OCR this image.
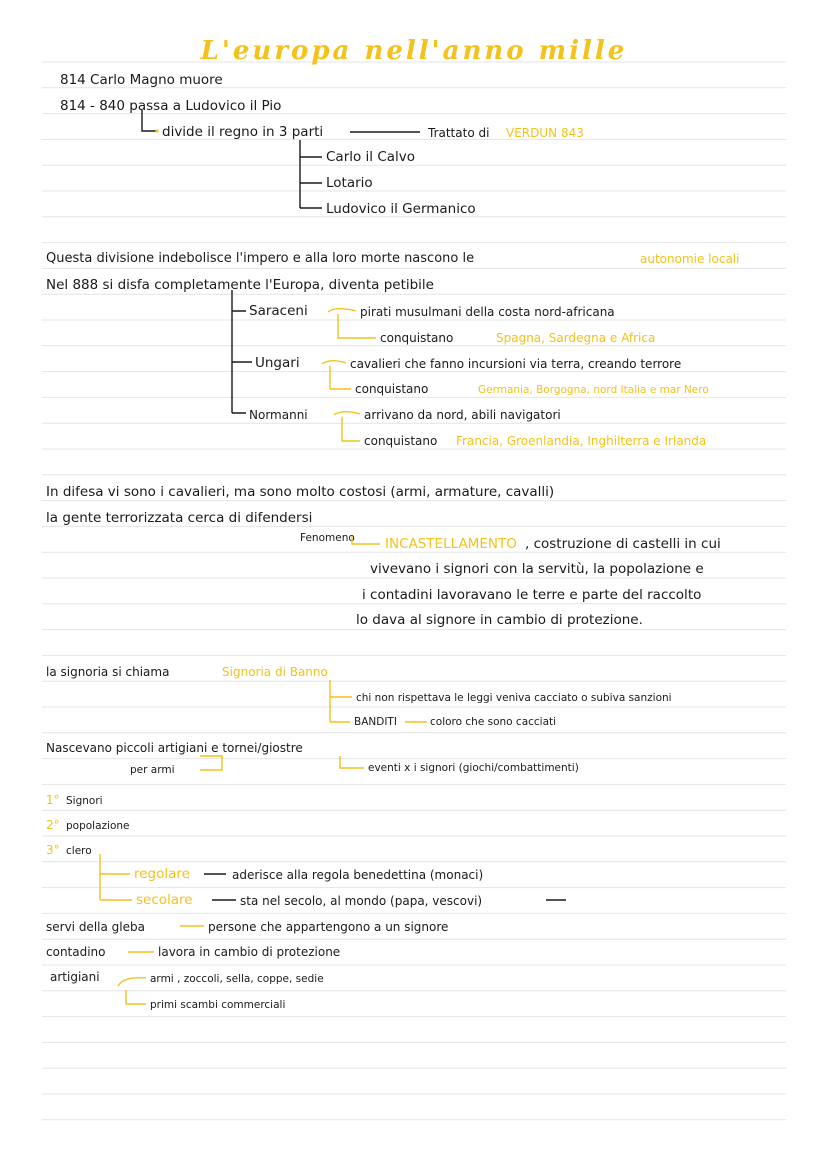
L'europa nell'anno mille
814 Carlo Magno muore
814 - 840 passa a Ludovico il Pio
divide il regno in 3 parti	Trattato di VERDUN 843
Carlo il Calvo
Lotario
Ludovico il Germanico
Questa divisione indebolisce l'impero e alla loro morte nascono le	autonomie locali
Nel 888 si disfa completamente l'Europa, diventa petibile
Saraceni	pirati musulmani della costa nord-africana
conquistano	Spagna, Sardegna e Africa
Ungari	cavalieri che fanno incursioni via terra, creando terrore
conquistano	Germania, Borgogna, nord Italia e mar Nero
Normanni	arrivano da nord, abili navigatori
conquistano Francia, Groenlandia, Inghilterra e Irlanda
In difesa vi sono i cavalieri, ma sono molto costosi (armi, armature, cavalli)
la gente terrorizzata cerca di difendersi
Fenomeno INCASTELLAMENTO , costruzione di castelli in cui
vivevano i signori con la servitù, la popolazione e
i contadini lavoravano le terre e parte del raccolto
lo dava al signore in cambio di protezione.
la signoria si chiama	Signoria di Banno
chi non rispettava le leggi veniva cacciato o subiva sanzioni
BANDITI	coloro che sono cacciati
Nascevano piccoli artigiani e tornei/giostre
per armi	eventi x i signori (giochi/combattimenti)
1° Signori
2° popolazione
3° clero
regolare	aderisce alla regola benedettina (monaci)
secolare	sta nel secolo, al mondo (papa, vescovi)
servi della gleba	persone che appartengono a un signore
contadino	lavora in cambio di protezione
artigiani	armi , zoccoli, sella, coppe, sedie
primi scambi commerciali
